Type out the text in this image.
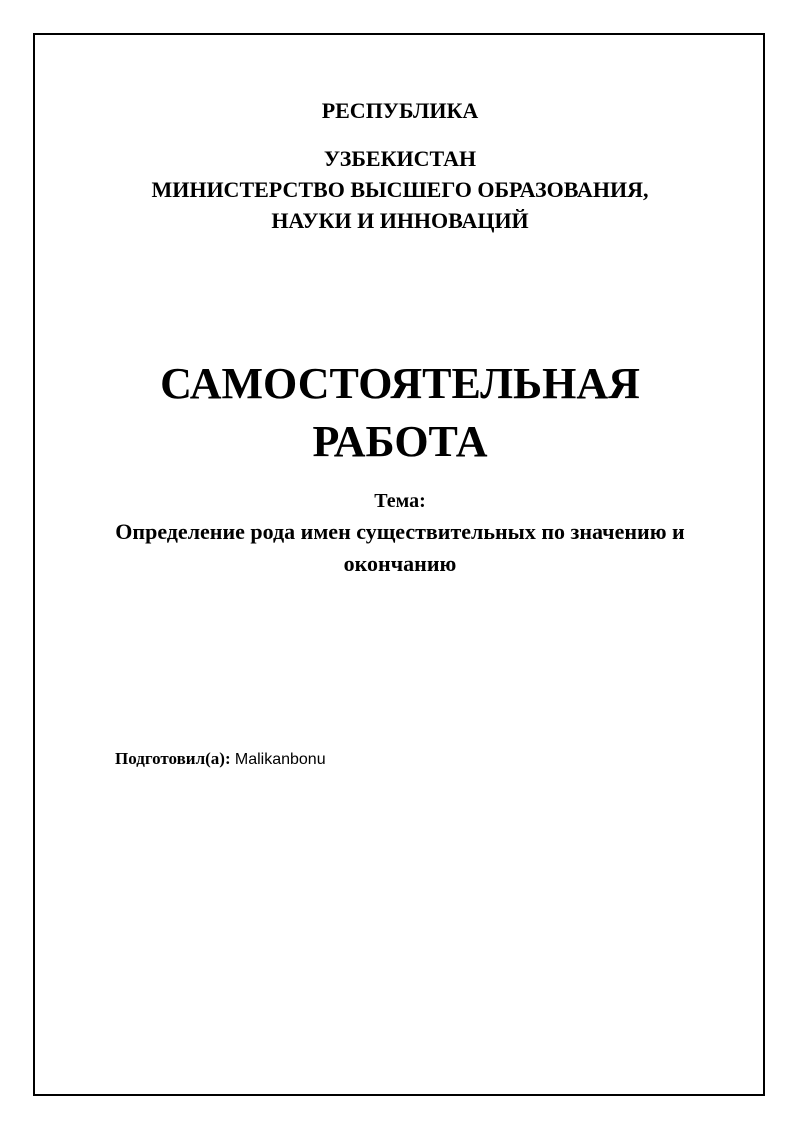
РЕСПУБЛИКА
УЗБЕКИСТАН
МИНИСТЕРСТВО ВЫСШЕГО ОБРАЗОВАНИЯ,
НАУКИ И ИННОВАЦИЙ
САМОСТОЯТЕЛЬНАЯ
РАБОТА
Тема:
Определение рода имен существительных по значению и
окончанию
Подготовил(а): Malikanbonu
